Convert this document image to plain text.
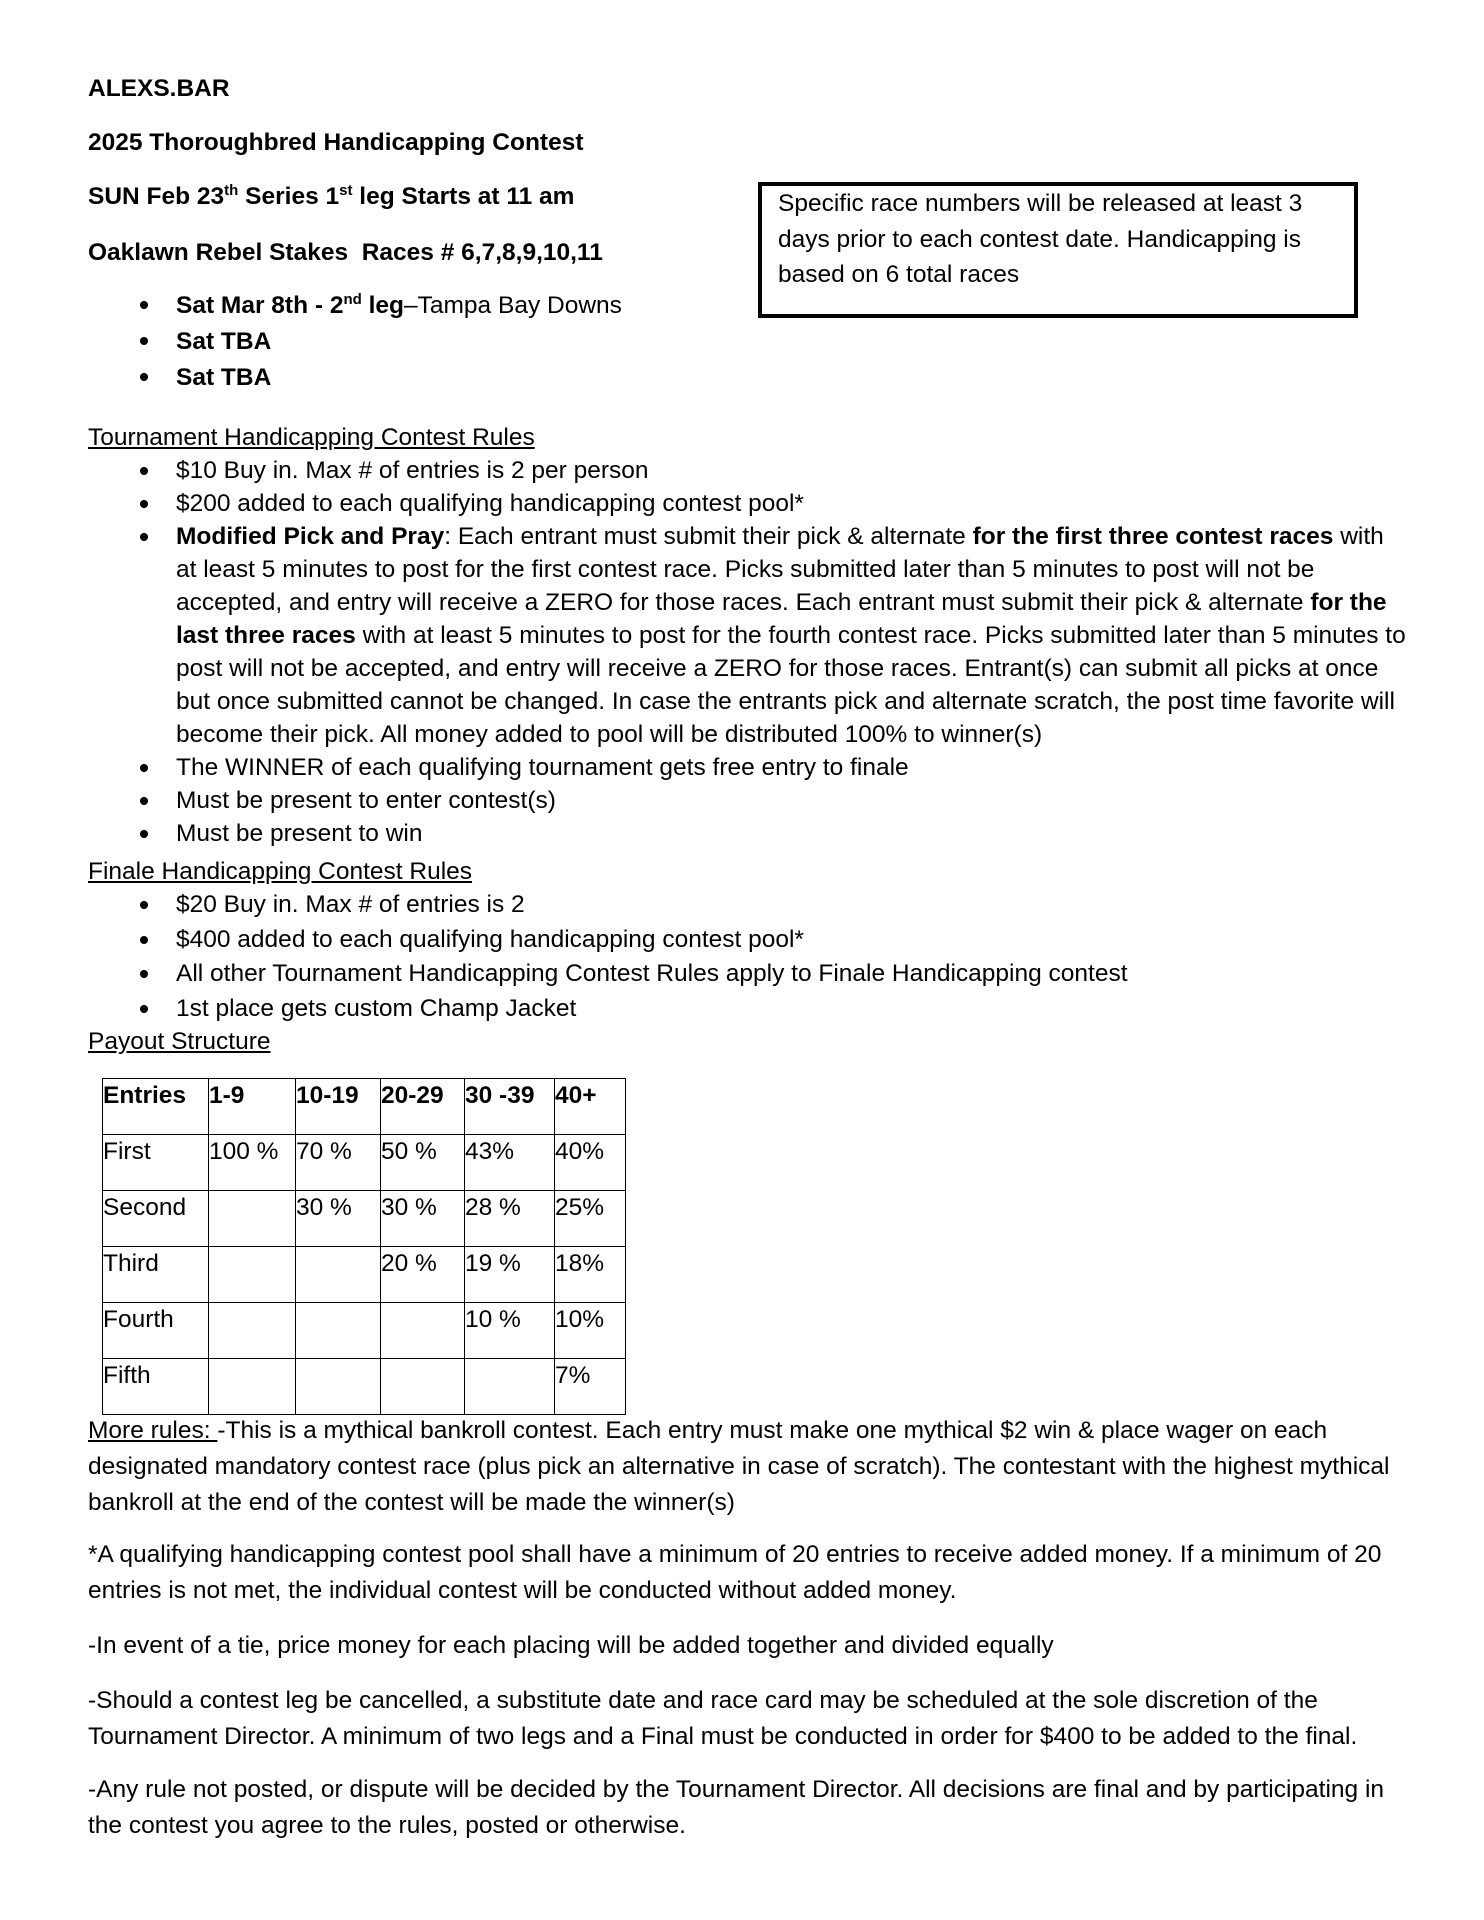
ALEXS.BAR
2025 Thoroughbred Handicapping Contest
SUN Feb 23th Series 1st leg Starts at 11 am
Oaklawn Rebel Stakes  Races # 6,7,8,9,10,11
Sat Mar 8th - 2nd leg–Tampa Bay Downs
Sat TBA
Sat TBA
Specific race numbers will be released at least 3 days prior to each contest date. Handicapping is based on 6 total races
Tournament Handicapping Contest Rules
$10 Buy in. Max # of entries is 2 per person
$200 added to each qualifying handicapping contest pool*
Modified Pick and Pray: Each entrant must submit their pick & alternate for the first three contest races with at least 5 minutes to post for the first contest race. Picks submitted later than 5 minutes to post will not be accepted, and entry will receive a ZERO for those races. Each entrant must submit their pick & alternate for the last three races with at least 5 minutes to post for the fourth contest race. Picks submitted later than 5 minutes to post will not be accepted, and entry will receive a ZERO for those races. Entrant(s) can submit all picks at once but once submitted cannot be changed. In case the entrants pick and alternate scratch, the post time favorite will become their pick. All money added to pool will be distributed 100% to winner(s)
The WINNER of each qualifying tournament gets free entry to finale
Must be present to enter contest(s)
Must be present to win
Finale Handicapping Contest Rules
$20 Buy in. Max # of entries is 2
$400 added to each qualifying handicapping contest pool*
All other Tournament Handicapping Contest Rules apply to Finale Handicapping contest
1st place gets custom Champ Jacket
Payout Structure
Entries	1-9	10-19	20-29	30 -39	40+
First	100 %	70 %	50 %	43%	40%
Second		30 %	30 %	28 %	25%
Third			20 %	19 %	18%
Fourth				10 %	10%
Fifth					7%
More rules: -This is a mythical bankroll contest. Each entry must make one mythical $2 win & place wager on each designated mandatory contest race (plus pick an alternative in case of scratch). The contestant with the highest mythical bankroll at the end of the contest will be made the winner(s)
*A qualifying handicapping contest pool shall have a minimum of 20 entries to receive added money. If a minimum of 20 entries is not met, the individual contest will be conducted without added money.
-In event of a tie, price money for each placing will be added together and divided equally
-Should a contest leg be cancelled, a substitute date and race card may be scheduled at the sole discretion of the Tournament Director. A minimum of two legs and a Final must be conducted in order for $400 to be added to the final.
-Any rule not posted, or dispute will be decided by the Tournament Director. All decisions are final and by participating in the contest you agree to the rules, posted or otherwise.
